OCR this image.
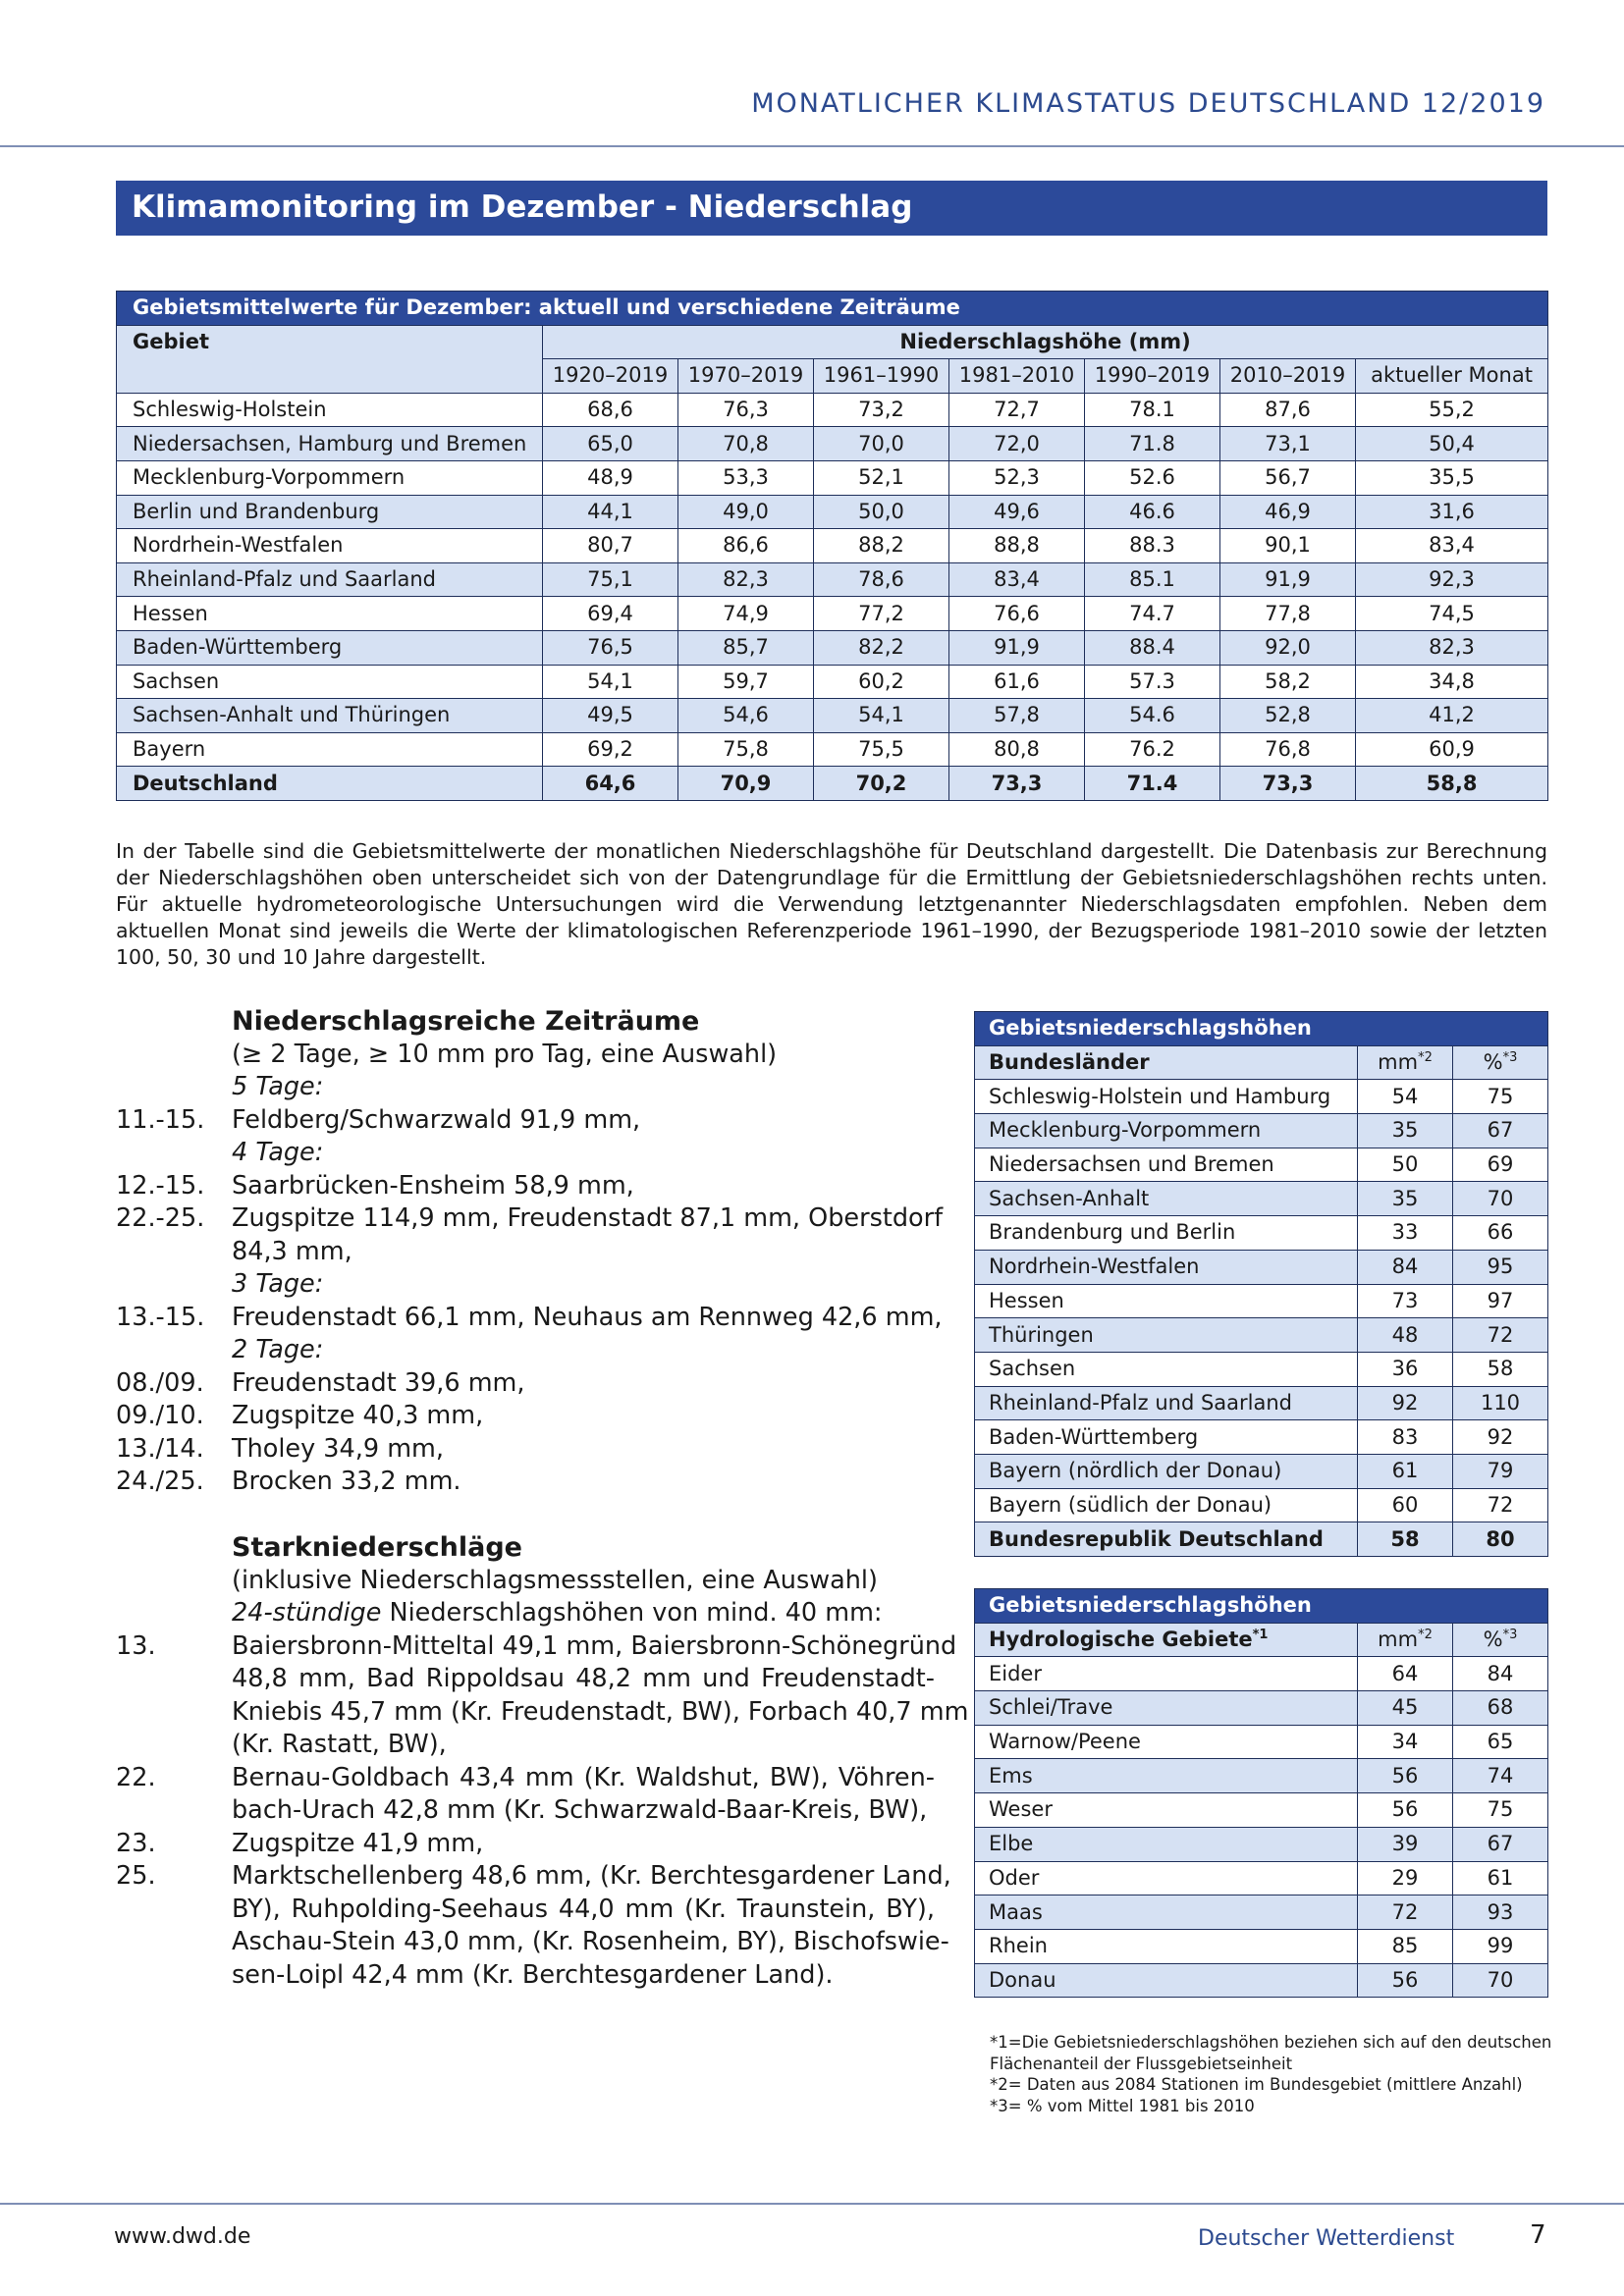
MONATLICHER KLIMASTATUS DEUTSCHLAND 12/2019
Klimamonitoring im Dezember - Niederschlag
Gebietsmittelwerte für Dezember: aktuell und verschiedene Zeiträume							
Gebiet	Niederschlagshöhe (mm)						
	1920–2019	1970–2019	1961–1990	1981–2010	1990–2019	2010–2019	aktueller Monat
Schleswig-Holstein	68,6	76,3	73,2	72,7	78.1	87,6	55,2
Niedersachsen, Hamburg und Bremen	65,0	70,8	70,0	72,0	71.8	73,1	50,4
Mecklenburg-Vorpommern	48,9	53,3	52,1	52,3	52.6	56,7	35,5
Berlin und Brandenburg	44,1	49,0	50,0	49,6	46.6	46,9	31,6
Nordrhein-Westfalen	80,7	86,6	88,2	88,8	88.3	90,1	83,4
Rheinland-Pfalz und Saarland	75,1	82,3	78,6	83,4	85.1	91,9	92,3
Hessen	69,4	74,9	77,2	76,6	74.7	77,8	74,5
Baden-Württemberg	76,5	85,7	82,2	91,9	88.4	92,0	82,3
Sachsen	54,1	59,7	60,2	61,6	57.3	58,2	34,8
Sachsen-Anhalt und Thüringen	49,5	54,6	54,1	57,8	54.6	52,8	41,2
Bayern	69,2	75,8	75,5	80,8	76.2	76,8	60,9
Deutschland	64,6	70,9	70,2	73,3	71.4	73,3	58,8
In der Tabelle sind die Gebietsmittelwerte der monatlichen Niederschlagshöhe für Deutschland dargestellt. Die Datenbasis zur Berechnung der Niederschlagshöhen oben unterscheidet sich von der Datengrundlage für die Ermittlung der Gebietsniederschlagshöhen rechts unten. Für aktuelle hydrometeorologische Untersuchungen wird die Verwendung letztgenannter Niederschlagsdaten empfohlen. Neben dem aktuellen Monat sind jeweils die Werte der klimatologischen Referenzperiode 1961–1990, der Bezugsperiode 1981–2010 sowie der letzten 100, 50, 30 und 10 Jahre dargestellt.
Niederschlagsreiche Zeiträume
(≥ 2 Tage, ≥ 10 mm pro Tag, eine Auswahl)
5 Tage:
11.-15. Feldberg/Schwarzwald 91,9 mm,
4 Tage:
12.-15. Saarbrücken-Ensheim 58,9 mm,
22.-25. Zugspitze 114,9 mm, Freudenstadt 87,1 mm, Oberstdorf
84,3 mm,
3 Tage:
13.-15. Freudenstadt 66,1 mm, Neuhaus am Rennweg 42,6 mm,
2 Tage:
08./09. Freudenstadt 39,6 mm,
09./10. Zugspitze 40,3 mm,
13./14. Tholey 34,9 mm,
24./25. Brocken 33,2 mm.
Starkniederschläge
(inklusive Niederschlagsmessstellen, eine Auswahl)
24-stündige Niederschlagshöhen von mind. 40 mm:
13.	Baiersbronn-Mitteltal 49,1 mm, Baiersbronn-Schönegründ
48,8 mm, Bad Rippoldsau 48,2 mm und Freudenstadt-
Kniebis 45,7 mm (Kr. Freudenstadt, BW), Forbach 40,7 mm
(Kr. Rastatt, BW),
22.	Bernau-Goldbach 43,4 mm (Kr. Waldshut, BW), Vöhren-
bach-Urach 42,8 mm (Kr. Schwarzwald-Baar-Kreis, BW),
23.	Zugspitze 41,9 mm,
25.	Marktschellenberg 48,6 mm, (Kr. Berchtesgardener Land,
BY), Ruhpolding-Seehaus 44,0 mm (Kr. Traunstein, BY),
Aschau-Stein 43,0 mm, (Kr. Rosenheim, BY), Bischofswie-
sen-Loipl 42,4 mm (Kr. Berchtesgardener Land).
Gebietsniederschlagshöhen		
Bundesländer	$mm^{*2}$	%$^{*3}$
Schleswig-Holstein und Hamburg	54	75
Mecklenburg-Vorpommern	35	67
Niedersachsen und Bremen	50	69
Sachsen-Anhalt	35	70
Brandenburg und Berlin	33	66
Nordrhein-Westfalen	84	95
Hessen	73	97
Thüringen	48	72
Sachsen	36	58
Rheinland-Pfalz und Saarland	92	110
Baden-Württemberg	83	92
Bayern (nördlich der Donau)	61	79
Bayern (südlich der Donau)	60	72
Bundesrepublik Deutschland	58	80
Gebietsniederschlagshöhen		
Hydrologische Gebiete$^{*1}$	$mm^{*2}$	%$^{*3}$
Eider	64	84
Schlei/Trave	45	68
Warnow/Peene	34	65
Ems	56	74
Weser	56	75
Elbe	39	67
Oder	29	61
Maas	72	93
Rhein	85	99
Donau	56	70
*1=Die Gebietsniederschlagshöhen beziehen sich auf den deutschen
Flächenanteil der Flussgebietseinheit
*2= Daten aus 2084 Stationen im Bundesgebiet (mittlere Anzahl)
*3= % vom Mittel 1981 bis 2010
www.dwd.de	Deutscher Wetterdienst	7
